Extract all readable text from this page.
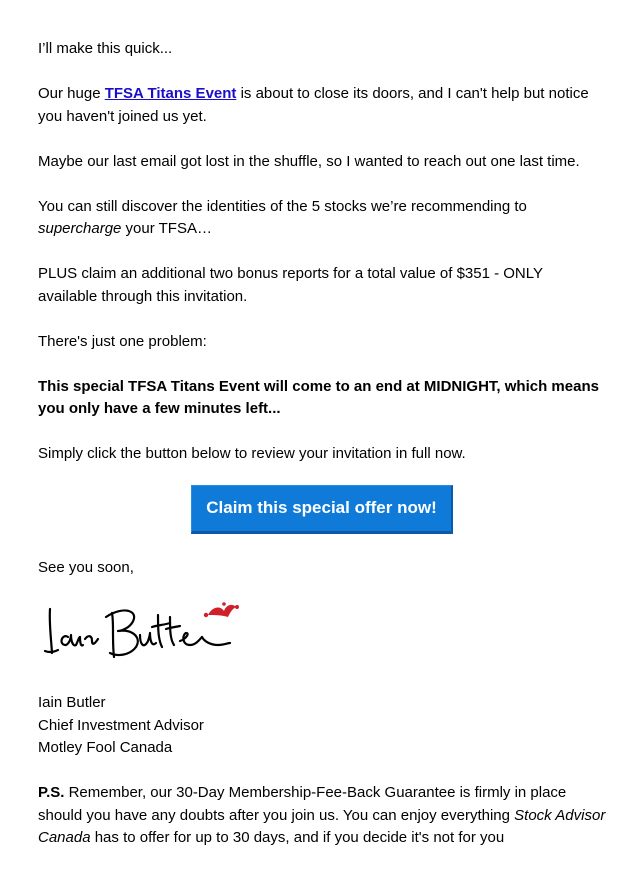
I’ll make this quick...

Our huge TFSA Titans Event is about to close its doors, and I can't help but notice you haven't joined us yet.

Maybe our last email got lost in the shuffle, so I wanted to reach out one last time.

You can still discover the identities of the 5 stocks we’re recommending to supercharge your TFSA…

PLUS claim an additional two bonus reports for a total value of $351 - ONLY available through this invitation.

There's just one problem:

This special TFSA Titans Event will come to an end at MIDNIGHT, which means you only have a few minutes left...

Simply click the button below to review your invitation in full now.

Claim this special offer now!

See you soon,

Iain Butler

Chief Investment Advisor

Motley Fool Canada

P.S. Remember, our 30-Day Membership-Fee-Back Guarantee is firmly in place should you have any doubts after you join us. You can enjoy everything Stock Advisor Canada has to offer for up to 30 days, and if you decide it's not for you
